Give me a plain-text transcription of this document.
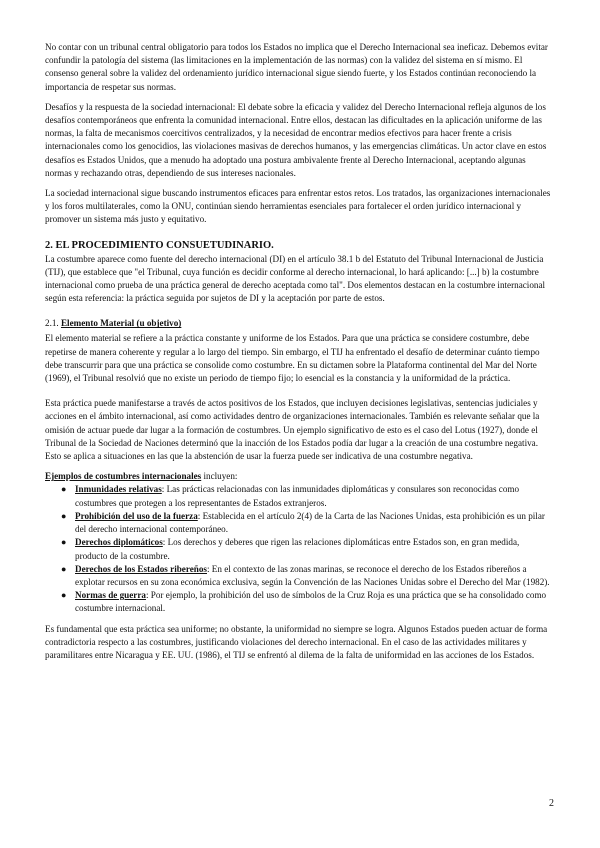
No contar con un tribunal central obligatorio para todos los Estados no implica que el Derecho Internacional sea ineficaz. Debemos evitar confundir la patología del sistema (las limitaciones en la implementación de las normas) con la validez del sistema en sí mismo. El consenso general sobre la validez del ordenamiento jurídico internacional sigue siendo fuerte, y los Estados continúan reconociendo la importancia de respetar sus normas.

Desafíos y la respuesta de la sociedad internacional: El debate sobre la eficacia y validez del Derecho Internacional refleja algunos de los desafíos contemporáneos que enfrenta la comunidad internacional. Entre ellos, destacan las dificultades en la aplicación uniforme de las normas, la falta de mecanismos coercitivos centralizados, y la necesidad de encontrar medios efectivos para hacer frente a crisis internacionales como los genocidios, las violaciones masivas de derechos humanos, y las emergencias climáticas. Un actor clave en estos desafíos es Estados Unidos, que a menudo ha adoptado una postura ambivalente frente al Derecho Internacional, aceptando algunas normas y rechazando otras, dependiendo de sus intereses nacionales.

La sociedad internacional sigue buscando instrumentos eficaces para enfrentar estos retos. Los tratados, las organizaciones internacionales y los foros multilaterales, como la ONU, continúan siendo herramientas esenciales para fortalecer el orden jurídico internacional y promover un sistema más justo y equitativo.

2. EL PROCEDIMIENTO CONSUETUDINARIO.

La costumbre aparece como fuente del derecho internacional (DI) en el artículo 38.1 b del Estatuto del Tribunal Internacional de Justicia (TIJ), que establece que "el Tribunal, cuya función es decidir conforme al derecho internacional, lo hará aplicando: [...] b) la costumbre internacional como prueba de una práctica general de derecho aceptada como tal". Dos elementos destacan en la costumbre internacional según esta referencia: la práctica seguida por sujetos de DI y la aceptación por parte de estos.

2.1. Elemento Material (u objetivo)

El elemento material se refiere a la práctica constante y uniforme de los Estados. Para que una práctica se considere costumbre, debe repetirse de manera coherente y regular a lo largo del tiempo. Sin embargo, el TIJ ha enfrentado el desafío de determinar cuánto tiempo debe transcurrir para que una práctica se consolide como costumbre. En su dictamen sobre la Plataforma continental del Mar del Norte (1969), el Tribunal resolvió que no existe un periodo de tiempo fijo; lo esencial es la constancia y la uniformidad de la práctica.

Esta práctica puede manifestarse a través de actos positivos de los Estados, que incluyen decisiones legislativas, sentencias judiciales y acciones en el ámbito internacional, así como actividades dentro de organizaciones internacionales. También es relevante señalar que la omisión de actuar puede dar lugar a la formación de costumbres. Un ejemplo significativo de esto es el caso del Lotus (1927), donde el Tribunal de la Sociedad de Naciones determinó que la inacción de los Estados podía dar lugar a la creación de una costumbre negativa. Esto se aplica a situaciones en las que la abstención de usar la fuerza puede ser indicativa de una costumbre negativa.

Ejemplos de costumbres internacionales incluyen:

● Inmunidades relativas: Las prácticas relacionadas con las inmunidades diplomáticas y consulares son reconocidas como costumbres que protegen a los representantes de Estados extranjeros.
● Prohibición del uso de la fuerza: Establecida en el artículo 2(4) de la Carta de las Naciones Unidas, esta prohibición es un pilar del derecho internacional contemporáneo.
● Derechos diplomáticos: Los derechos y deberes que rigen las relaciones diplomáticas entre Estados son, en gran medida, producto de la costumbre.
● Derechos de los Estados ribereños: En el contexto de las zonas marinas, se reconoce el derecho de los Estados ribereños a explotar recursos en su zona económica exclusiva, según la Convención de las Naciones Unidas sobre el Derecho del Mar (1982).
● Normas de guerra: Por ejemplo, la prohibición del uso de símbolos de la Cruz Roja es una práctica que se ha consolidado como costumbre internacional.

Es fundamental que esta práctica sea uniforme; no obstante, la uniformidad no siempre se logra. Algunos Estados pueden actuar de forma contradictoria respecto a las costumbres, justificando violaciones del derecho internacional. En el caso de las actividades militares y paramilitares entre Nicaragua y EE. UU. (1986), el TIJ se enfrentó al dilema de la falta de uniformidad en las acciones de los Estados.

2
